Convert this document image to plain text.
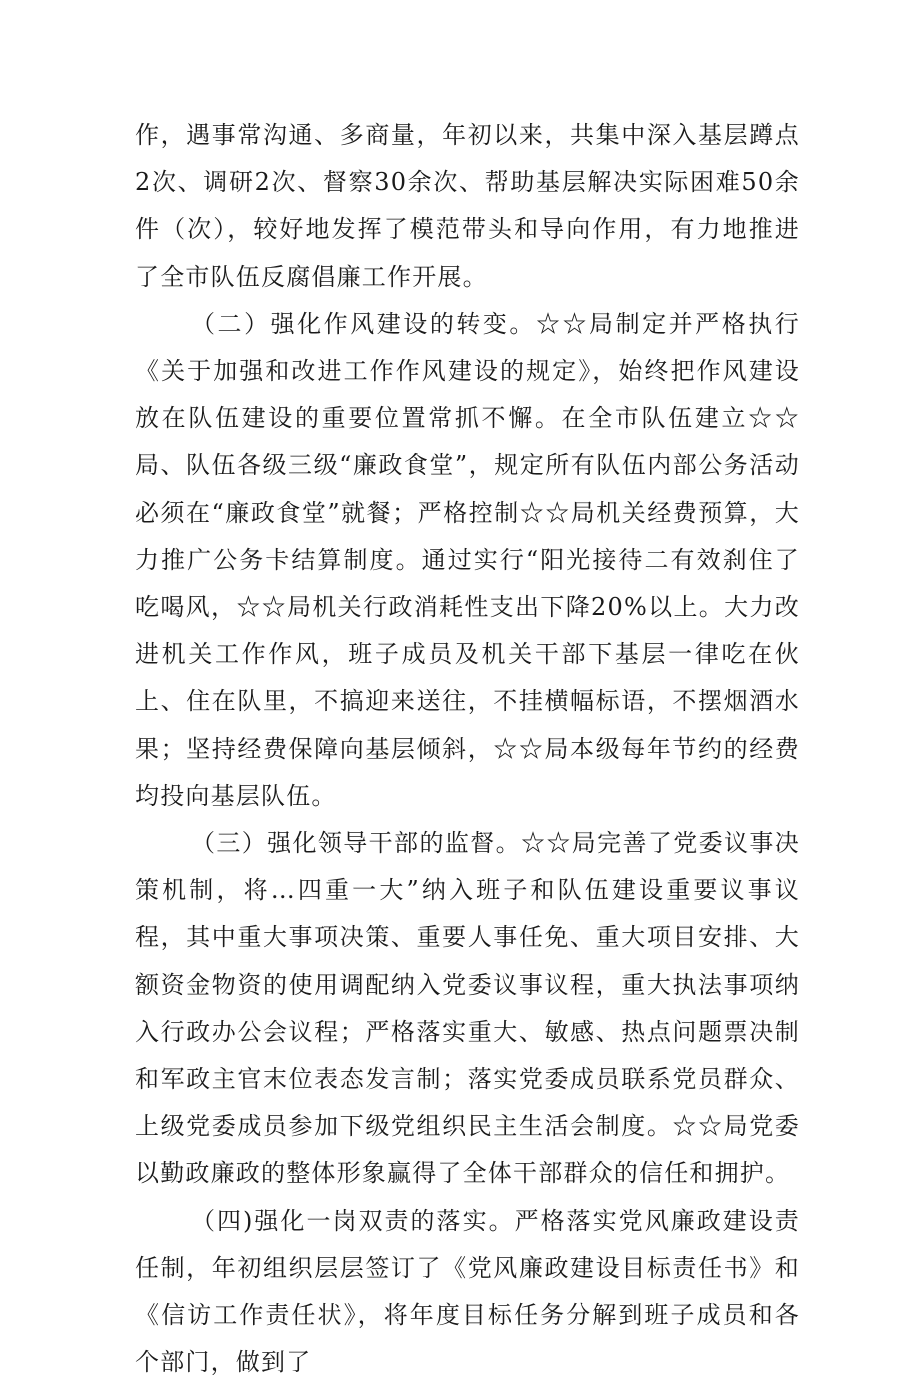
作，遇事常沟通、多商量，年初以来，共集中深入基层蹲点2次、调研2次、督察30余次、帮助基层解决实际困难50余件（次），较好地发挥了模范带头和导向作用，有力地推进了全市队伍反腐倡廉工作开展。

（二）强化作风建设的转变。☆☆局制定并严格执行《关于加强和改进工作作风建设的规定》，始终把作风建设放在队伍建设的重要位置常抓不懈。在全市队伍建立☆☆局、队伍各级三级“廉政食堂”，规定所有队伍内部公务活动必须在“廉政食堂”就餐；严格控制☆☆局机关经费预算，大力推广公务卡结算制度。通过实行“阳光接待二有效刹住了吃喝风，☆☆局机关行政消耗性支出下降20%以上。大力改进机关工作作风，班子成员及机关干部下基层一律吃在伙上、住在队里，不搞迎来送往，不挂横幅标语，不摆烟酒水果；坚持经费保障向基层倾斜，☆☆局本级每年节约的经费均投向基层队伍。

（三）强化领导干部的监督。☆☆局完善了党委议事决策机制，将…四重一大”纳入班子和队伍建设重要议事议程，其中重大事项决策、重要人事任免、重大项目安排、大额资金物资的使用调配纳入党委议事议程，重大执法事项纳入行政办公会议程；严格落实重大、敏感、热点问题票决制和军政主官末位表态发言制；落实党委成员联系党员群众、上级党委成员参加下级党组织民主生活会制度。☆☆局党委以勤政廉政的整体形象赢得了全体干部群众的信任和拥护。

（四)强化一岗双责的落实。严格落实党风廉政建设责任制，年初组织层层签订了《党风廉政建设目标责任书》和《信访工作责任状》，将年度目标任务分解到班子成员和各个部门，做到了
